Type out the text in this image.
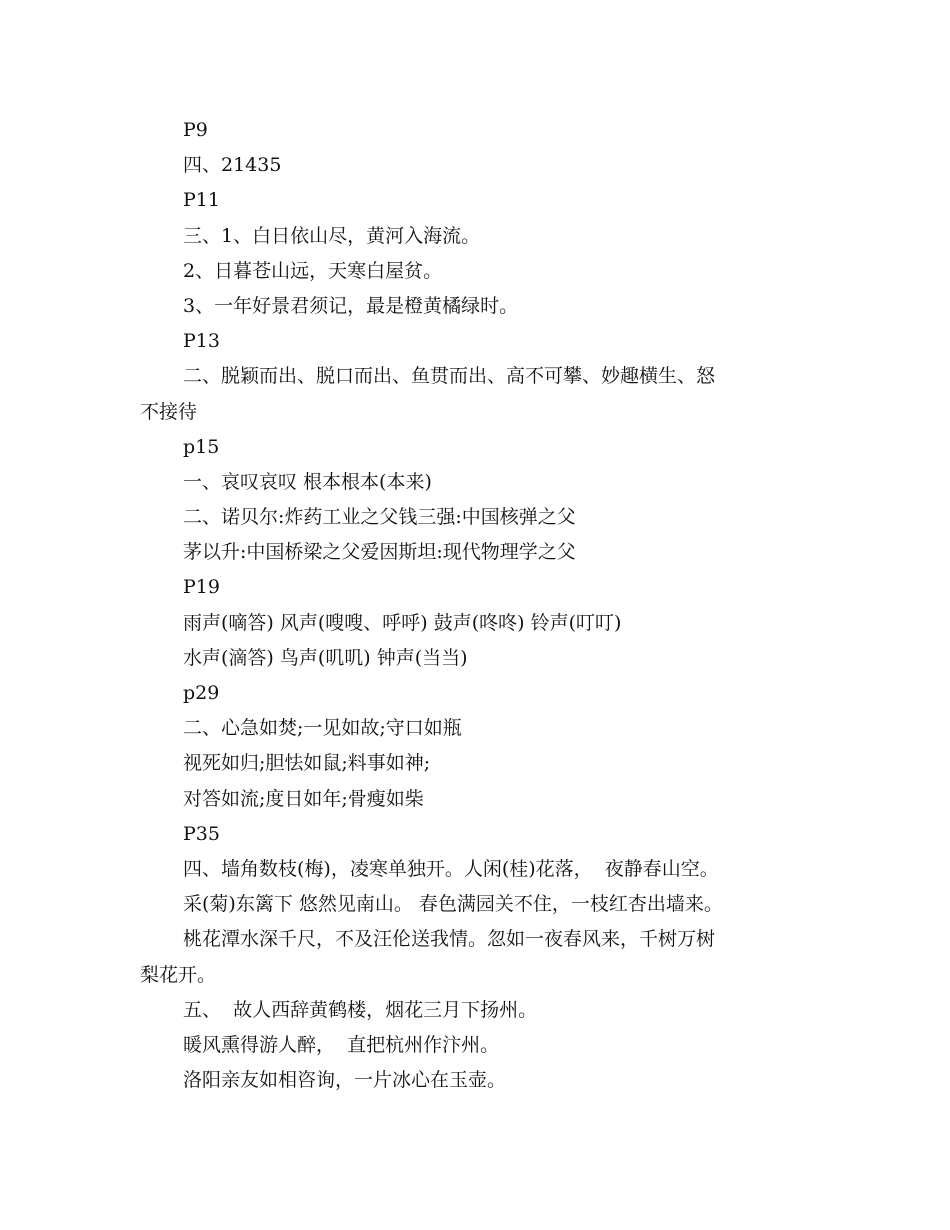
P9
四、21435
P11
三、1、白日依山尽，黄河入海流。
2、日暮苍山远，天寒白屋贫。
3、一年好景君须记，最是橙黄橘绿时。
P13
二、脱颖而出、脱口而出、鱼贯而出、高不可攀、妙趣横生、怒
不接待
p15
一、哀叹哀叹 根本根本(本来)
二、诺贝尔:炸药工业之父钱三强:中国核弹之父
茅以升:中国桥梁之父爱因斯坦:现代物理学之父
P19
雨声(嘀答) 风声(嗖嗖、呼呼) 鼓声(咚咚) 铃声(叮叮)
水声(滴答) 鸟声(叽叽) 钟声(当当)
p29
二、心急如焚;一见如故;守口如瓶
视死如归;胆怯如鼠;料事如神;
对答如流;度日如年;骨瘦如柴
P35
四、墙角数枝(梅)，凌寒单独开。人闲(桂)花落，  夜静春山空。
采(菊)东篱下 悠然见南山。 春色满园关不住，一枝红杏出墙来。
桃花潭水深千尺，不及汪伦送我情。忽如一夜春风来，千树万树
梨花开。
五、  故人西辞黄鹤楼，烟花三月下扬州。
暖风熏得游人醉，  直把杭州作汴州。
洛阳亲友如相咨询，一片冰心在玉壶。
